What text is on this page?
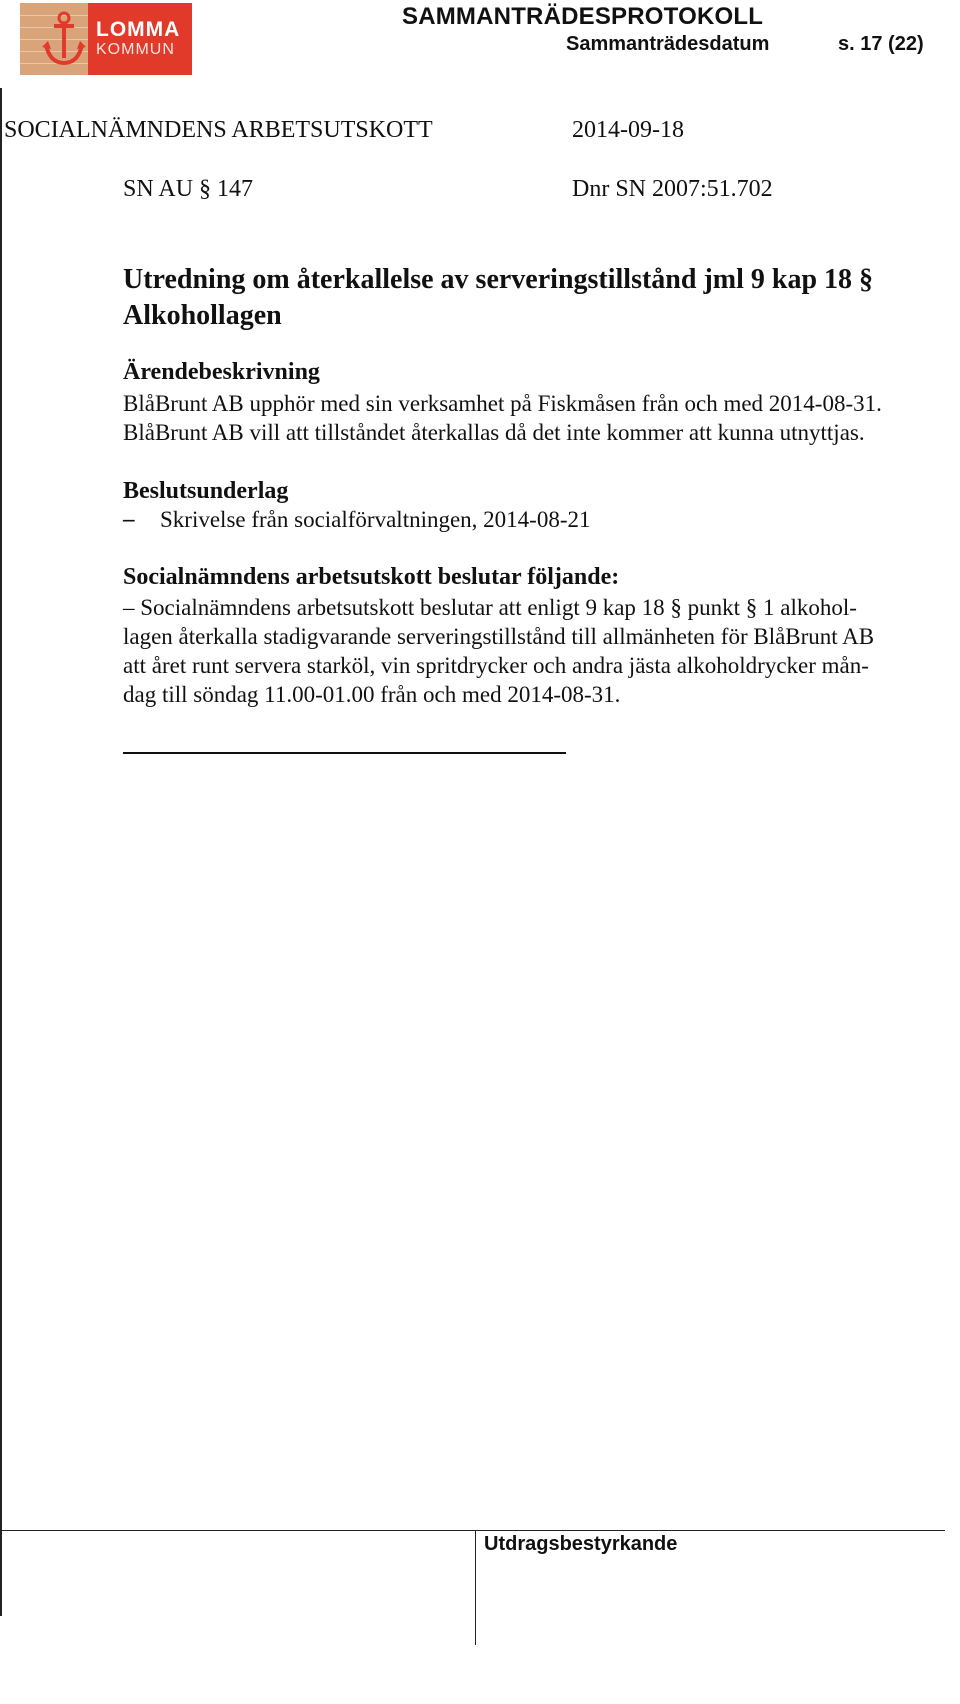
LOMMA
KOMMUN
SAMMANTRÄDESPROTOKOLL
Sammanträdesdatum	s. 17 (22)
Utdragsbestyrkande
SOCIALNÄMNDENS ARBETSUTSKOTT	2014-09-18
SN AU § 147	Dnr SN 2007:51.702
Utredning om återkallelse av serveringstillstånd jml 9 kap 18 §
Alkohollagen
Ärendebeskrivning
BlåBrunt AB upphör med sin verksamhet på Fiskmåsen från och med 2014-08-31.
BlåBrunt AB vill att tillståndet återkallas då det inte kommer att kunna utnyttjas.
Beslutsunderlag
– Skrivelse från socialförvaltningen, 2014-08-21
Socialnämndens arbetsutskott beslutar följande:
– Socialnämndens arbetsutskott beslutar att enligt 9 kap 18 § punkt § 1 alkohol-
lagen återkalla stadigvarande serveringstillstånd till allmänheten för BlåBrunt AB
att året runt servera starköl, vin spritdrycker och andra jästa alkoholdrycker mån-
dag till söndag 11.00-01.00 från och med 2014-08-31.
